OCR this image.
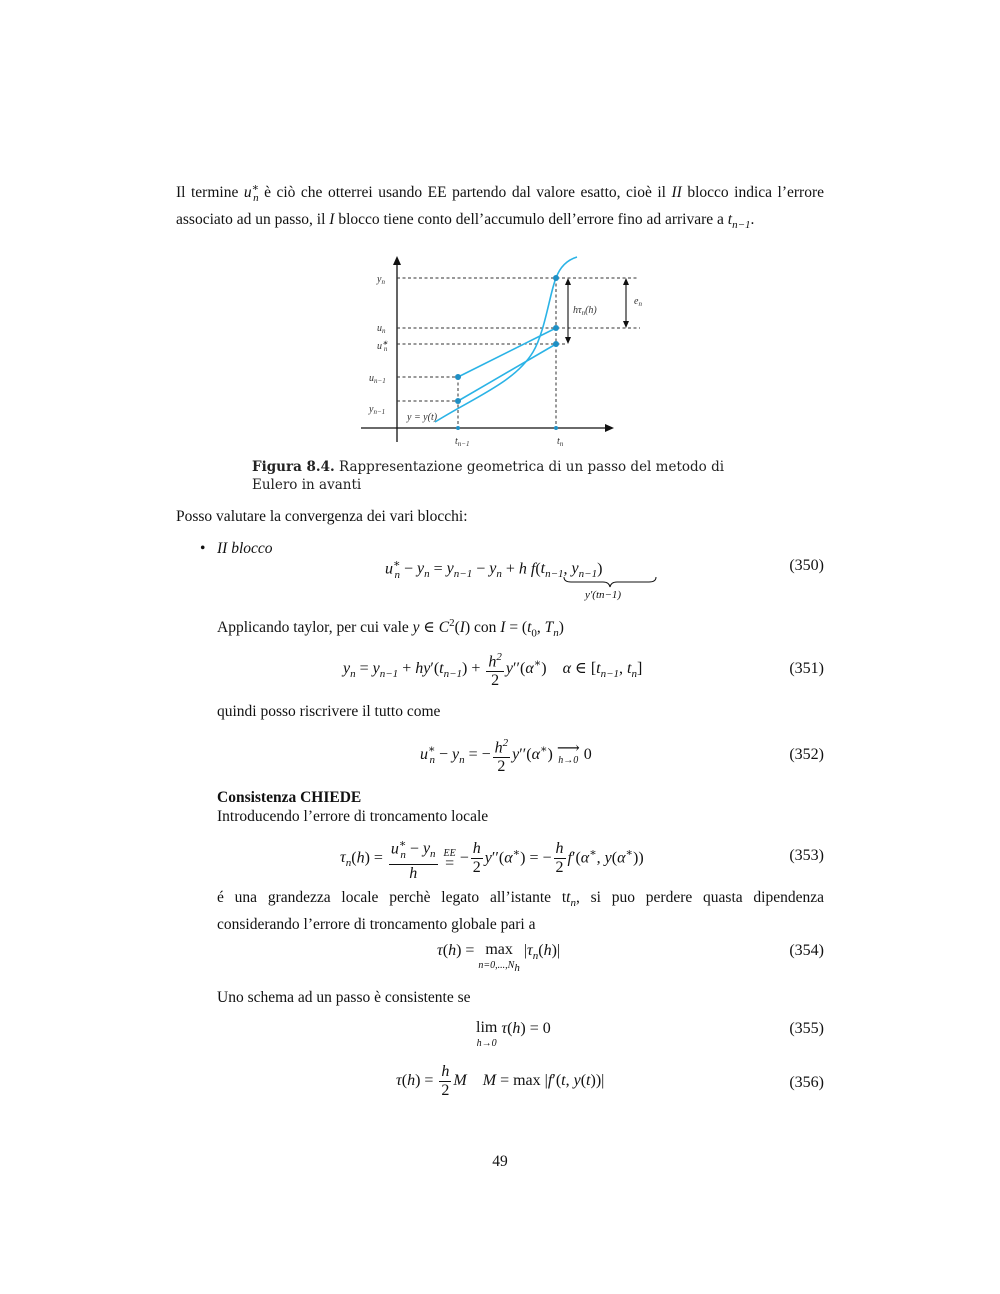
Il termine $u^∗_n$ è ciò che otterrei usando EE partendo dal valore esatto, cioè il II blocco indica l’errore associato ad un passo, il I blocco tiene conto dell’accumulo dell’errore fino ad arrivare a $t_{n-1}$.
$y_n$
$u_n$
u∗ n
$u_{n-1}$
$y_{n-1}$ y = y(t)
$t_{n-1}$	$t_n$
$h\tau_n(h)$
$e_n$
Figura 8.4. Rappresentazione geometrica di un passo del metodo di Eulero in avanti
Posso valutare la convergenza dei vari blocchi:
• II blocco
$u^∗_n - y_n = y_{n-1} - y_n + h$ $f(t_{n-1}$, $y_{n-1}$)
y′(tn−1)
(350)
Applicando taylor, per cui vale y ∈ $C^2(I)$ con $I = (t_0$, $T_n$)
$y_n = y_{n-1} + hy'(t_{n-1}) + \frac{h^2}{2} y''(\alpha^∗)$    α ∈ [$t_{n-1}$, $t_n$]	(351)
quindi posso riscrivere il tutto come
$u^∗_n - y_n$ = − $\frac{h^2}{2} y''(\alpha^∗)$ ⟶
h→0 0	(352)
Consistenza CHIEDE
Introducendo l’errore di troncamento locale
$\tau_n(h) = \frac{u^∗_n - y_n}{h}$
EE
= − $\frac{h}{2} y''(\alpha^∗)$ = − $\frac{h}{2} f'(\alpha^∗$, y(α∗))	(353)
é una grandezza locale perchè legato all’istante $tt_n$, si puo perdere quasta dipendenza considerando l’errore di troncamento globale pari a
τ(h) = max
$n=0,...,N_h$
$|\tau_n(h)|$	(354)
Uno schema ad un passo è consistente se
lim
h→0
τ(h) = 0	(355)
$\tau(h) = \frac{h}{2}$ M M = max |f′(t, y(t))|	(356)
49
